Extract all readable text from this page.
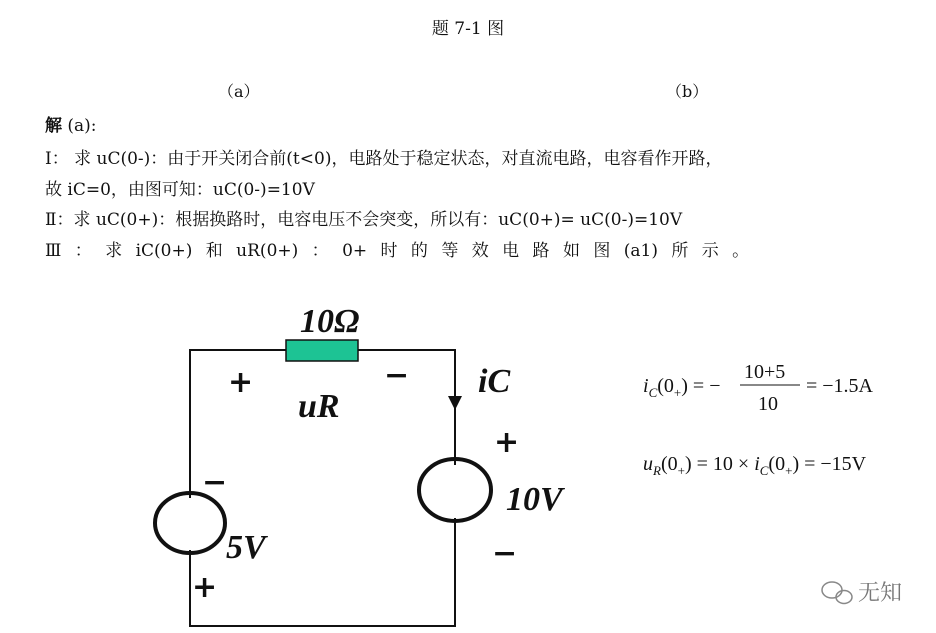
题 7-1 图
（a）	（b）
解 (a):
Ⅰ： 求 uC(0-)：由于开关闭合前(t<0)，电路处于稳定状态，对直流电路，电容看作开路，
故 iC=0，由图可知：uC(0-)=10V
Ⅱ：求 uC(0+)：根据换路时，电容电压不会突变，所以有：uC(0+)= uC(0-)=10V
Ⅲ ： 求 iC(0+) 和 uR(0+) ： 0+ 时 的 等 效 电 路 如 图 (a1) 所 示 。
10Ω
+	−
uR
iC
+
10V
−
−
5V
+
$i_C(0_+)$ = −
10+5
10
= −1.5A
$u_R(0_+) = 10 \times i_C(0_+) = -15V$
无知
